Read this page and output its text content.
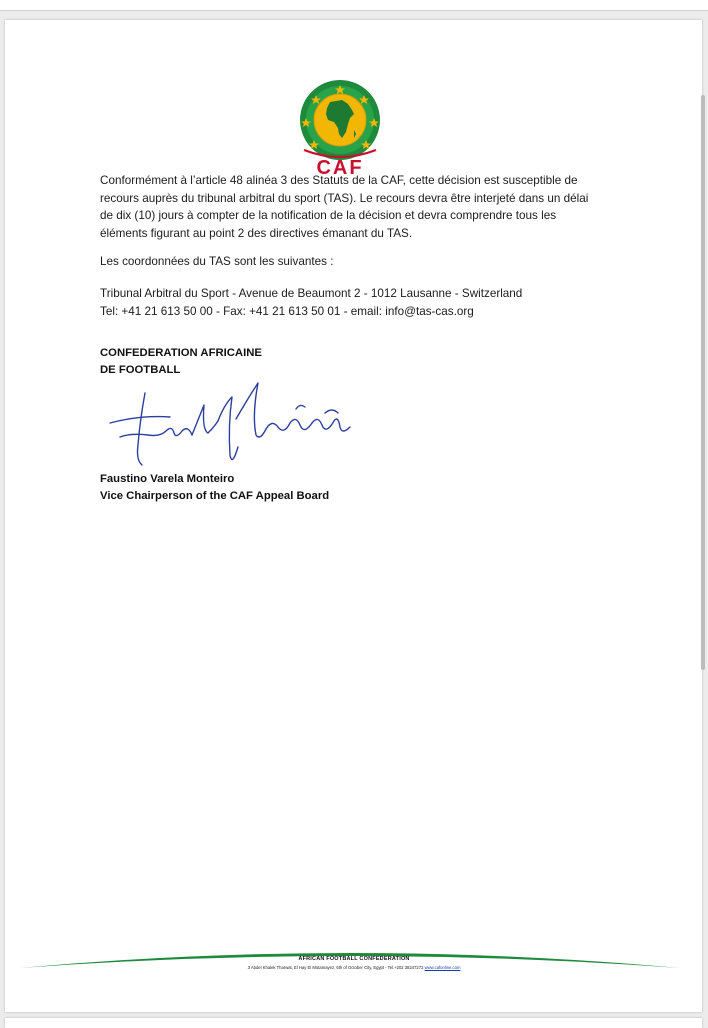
CAF

Conformément à l’article 48 alinéa 3 des Statuts de la CAF, cette décision est susceptible de recours auprès du tribunal arbitral du sport (TAS). Le recours devra être interjeté dans un délai de dix (10) jours à compter de la notification de la décision et devra comprendre tous les éléments figurant au point 2 des directives émanant du TAS.

Les coordonnées du TAS sont les suivantes :

Tribunal Arbitral du Sport - Avenue de Beaumont 2 - 1012 Lausanne - Switzerland
Tel: +41 21 613 50 00 - Fax: +41 21 613 50 01 - email: info@tas-cas.org
CONFEDERATION AFRICAINE
DE FOOTBALL
Faustino Varela Monteiro
Vice Chairperson of the CAF Appeal Board
AFRICAN FOOTBALL CONFEDERATION
3 Abdel Khalek Tharwat, El Hay El Motamayez, 6th of October City, Egypt - Tel.+202 38247272 www.cafonline.com
